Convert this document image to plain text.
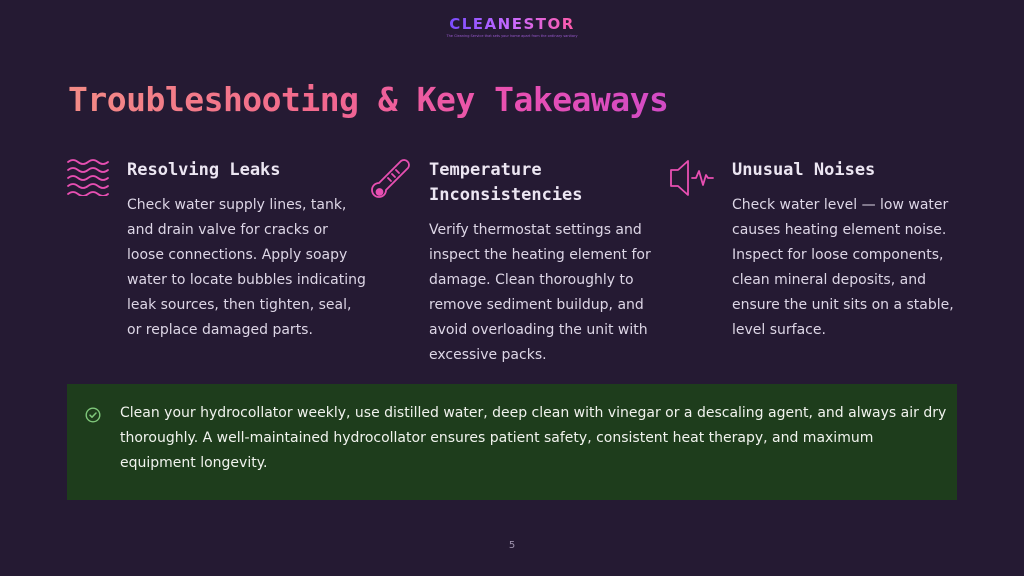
CLEANESTOR
The Cleaning Service that sets your home apart from the ordinary sanitary
Troubleshooting & Key Takeaways
Resolving Leaks

Check water supply lines, tank, and drain valve for cracks or loose connections. Apply soapy water to locate bubbles indicating leak sources, then tighten, seal, or replace damaged parts.

Temperature Inconsistencies

Verify thermostat settings and inspect the heating element for damage. Clean thoroughly to remove sediment buildup, and avoid overloading the unit with excessive packs.

Unusual Noises

Check water level — low water causes heating element noise. Inspect for loose components, clean mineral deposits, and ensure the unit sits on a stable, level surface.

Clean your hydrocollator weekly, use distilled water, deep clean with vinegar or a descaling agent, and always air dry thoroughly. A well-maintained hydrocollator ensures patient safety, consistent heat therapy, and maximum equipment longevity.

5
